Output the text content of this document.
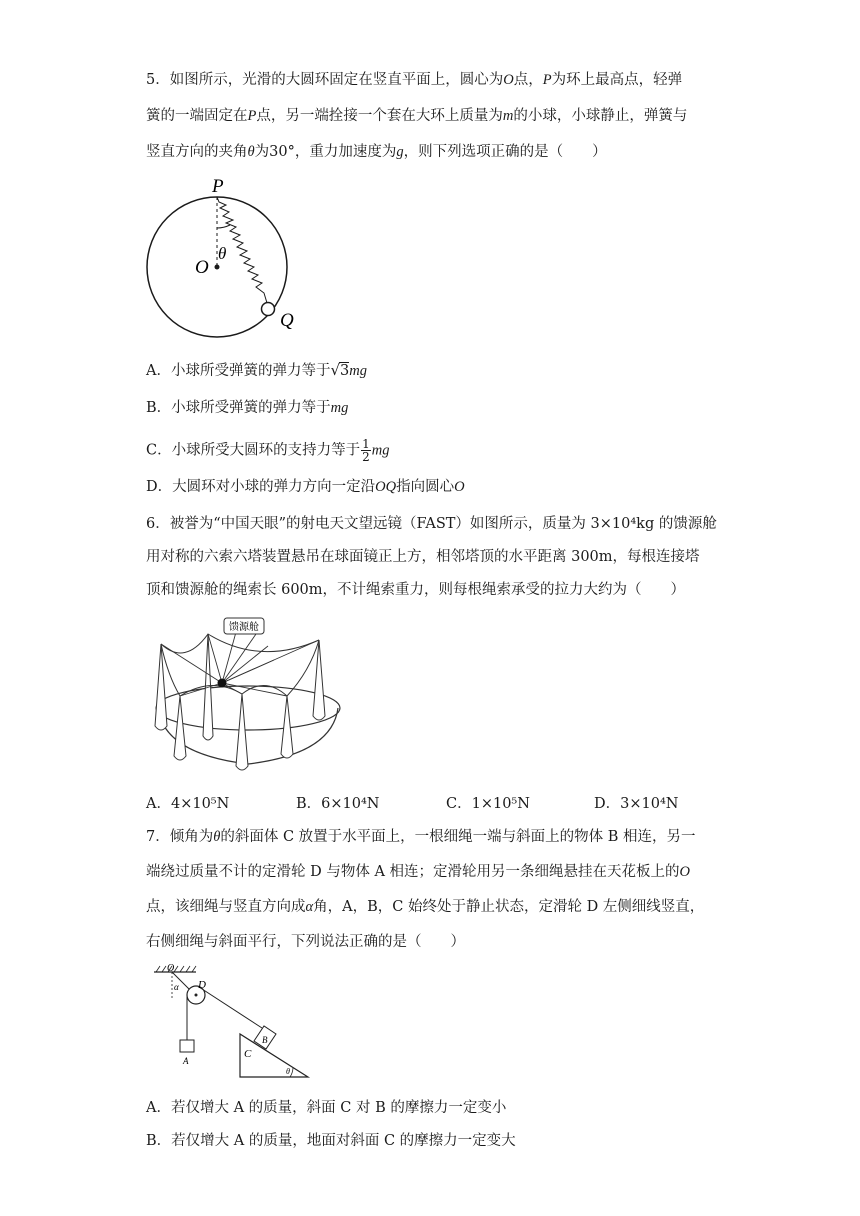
5．如图所示，光滑的大圆环固定在竖直平面上，圆心为O点，P为环上最高点，轻弹
簧的一端固定在P点，另一端拴接一个套在大环上质量为m的小球，小球静止，弹簧与
竖直方向的夹角θ为30°，重力加速度为g，则下列选项正确的是（　　）
P
O
θ
Q
A．小球所受弹簧的弹力等于√3mg
B．小球所受弹簧的弹力等于mg
C．小球所受大圆环的支持力等于 $\frac{1}{2}$ mg
D．大圆环对小球的弹力方向一定沿OQ指向圆心O
6．被誉为“中国天眼”的射电天文望远镜（FAST）如图所示，质量为 3×10⁴kg 的馈源舱
用对称的六索六塔装置悬吊在球面镜正上方，相邻塔顶的水平距离 300m，每根连接塔
顶和馈源舱的绳索长 600m，不计绳索重力，则每根绳索承受的拉力大约为（　　）
馈源舱
A．4×10⁵N	B．6×10⁴N	C．1×10⁵N	D．3×10⁴N
7．倾角为θ的斜面体 C 放置于水平面上，一根细绳一端与斜面上的物体 B 相连，另一
端绕过质量不计的定滑轮 D 与物体 A 相连；定滑轮用另一条细绳悬挂在天花板上的O
点，该细绳与竖直方向成α角，A，B，C 始终处于静止状态，定滑轮 D 左侧细线竖直，
右侧细绳与斜面平行，下列说法正确的是（　　）
O
α D
A
B
C
θ
A．若仅增大 A 的质量，斜面 C 对 B 的摩擦力一定变小
B．若仅增大 A 的质量，地面对斜面 C 的摩擦力一定变大
